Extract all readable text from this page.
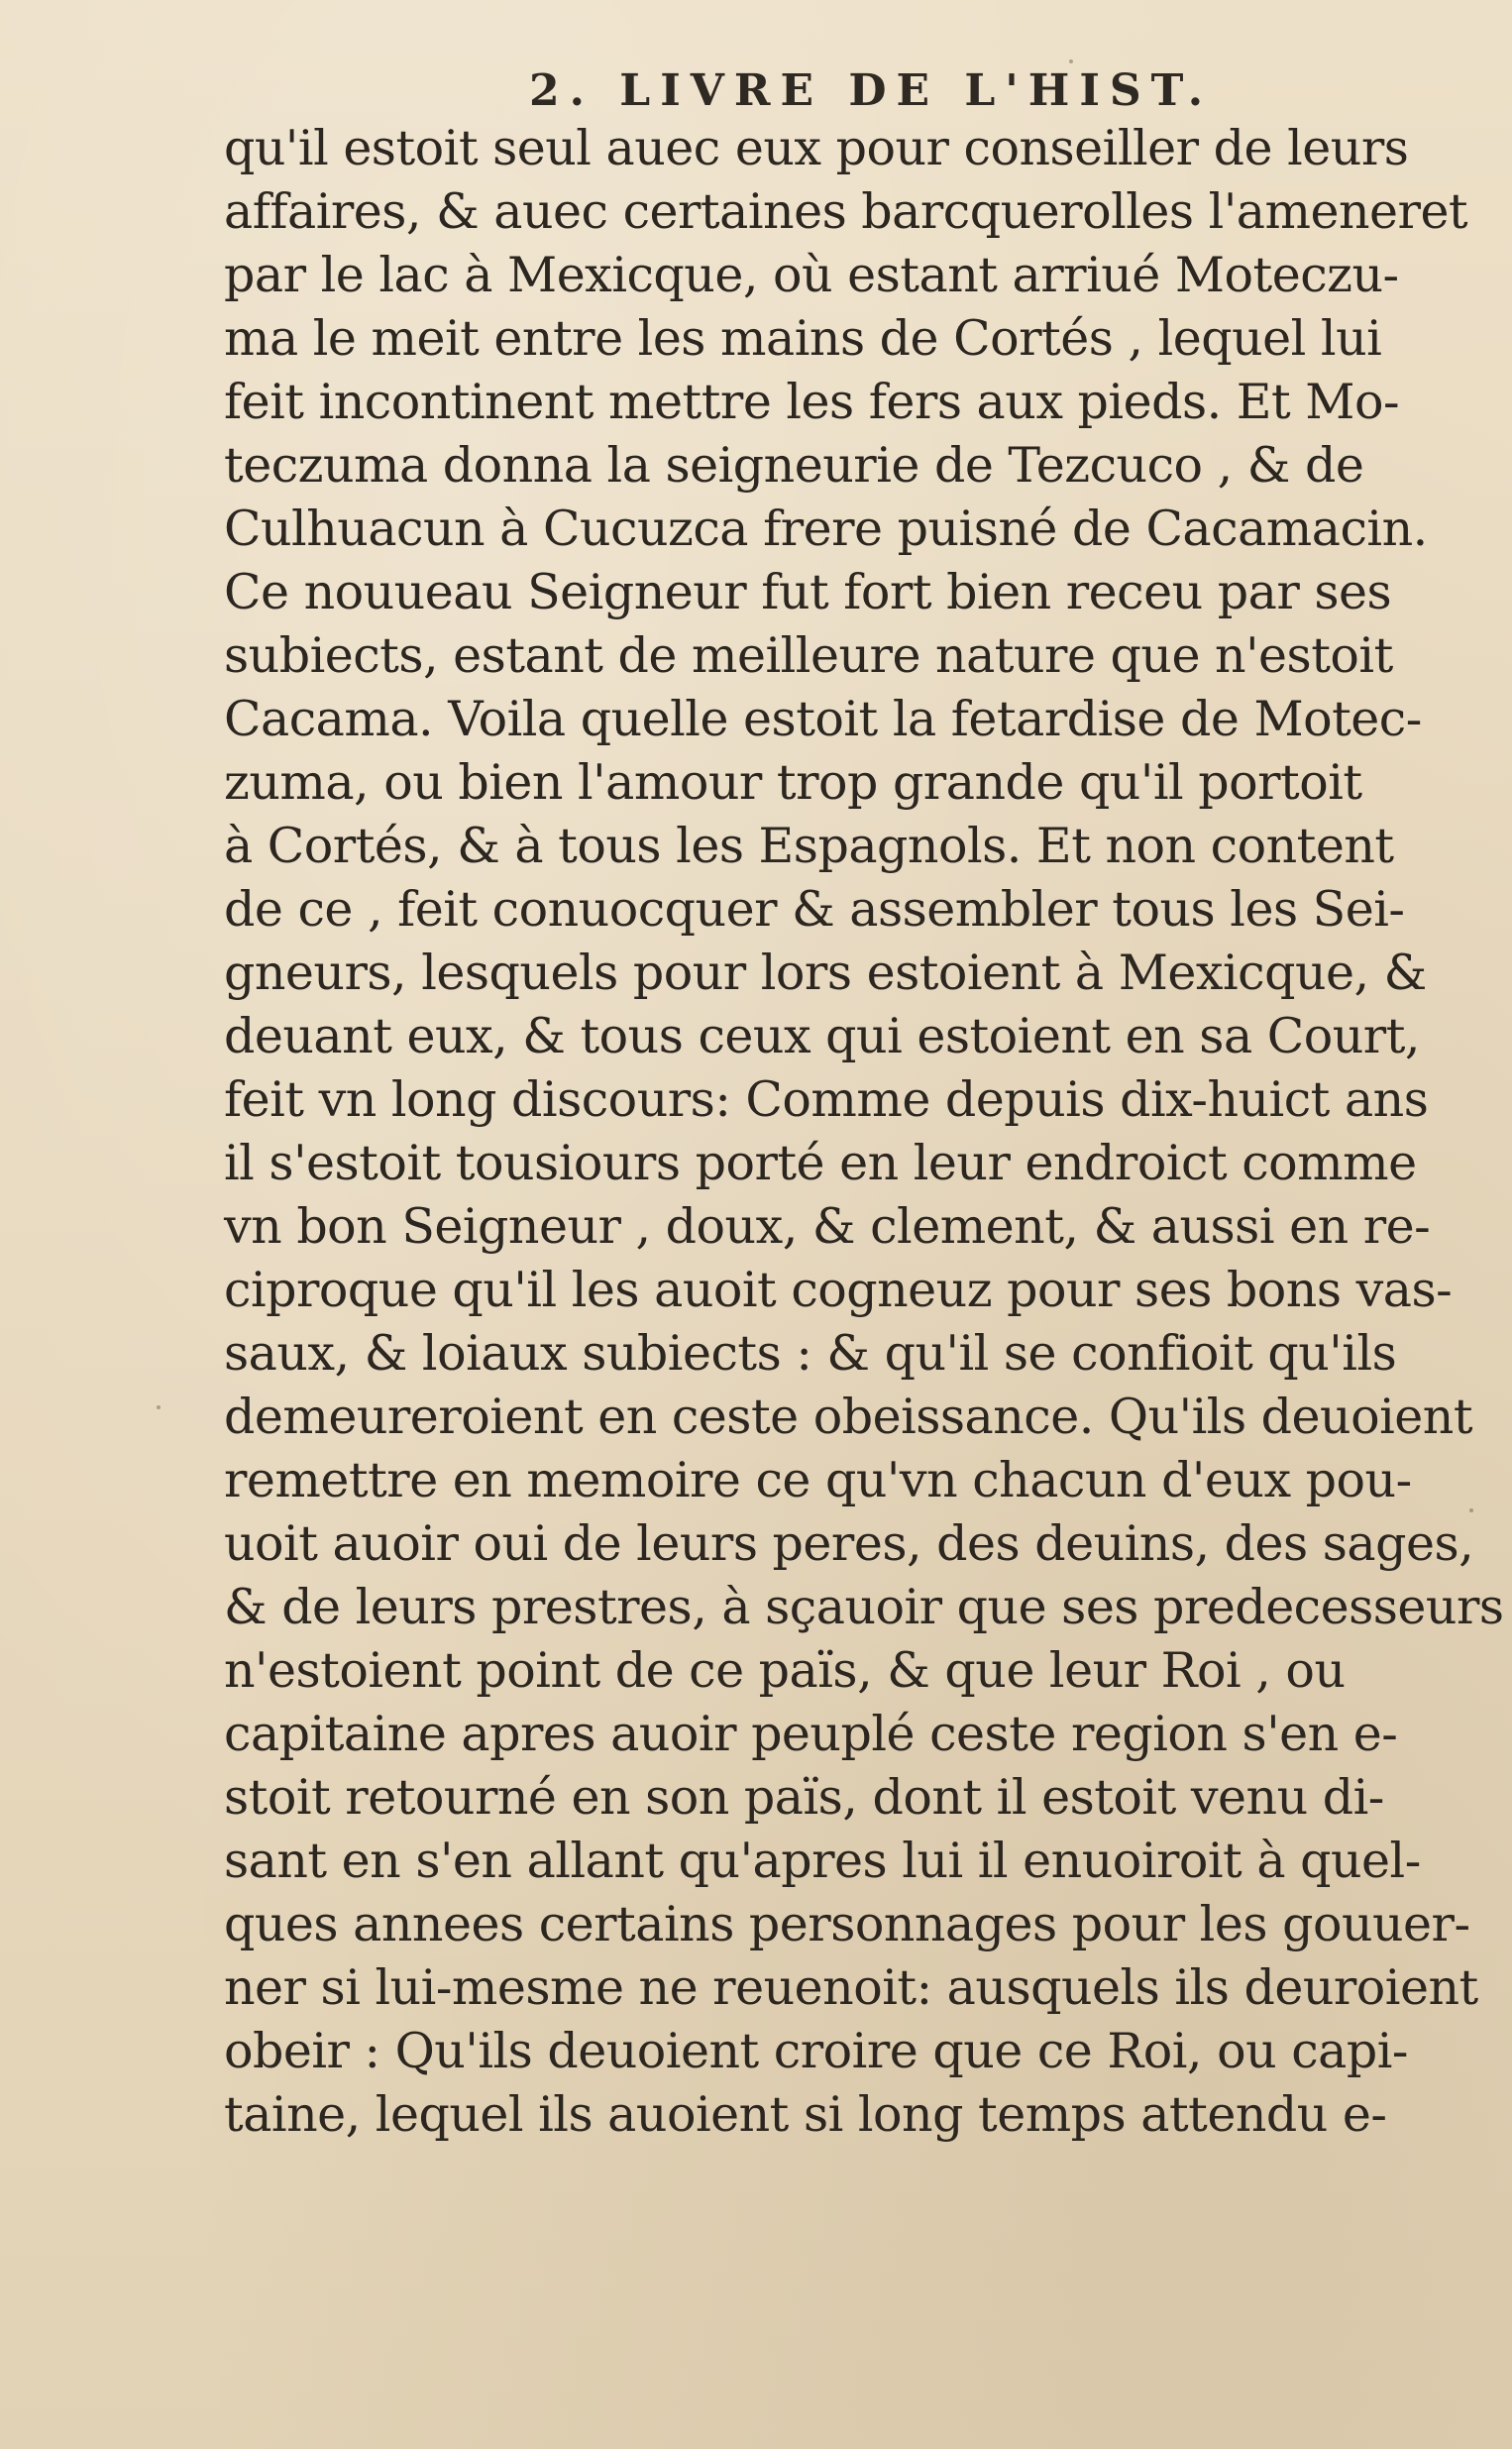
2. LIVRE DE L'HIST.
qu'il estoit seul auec eux pour conseiller de leurs
affaires, & auec certaines barcquerolles l'ameneret
par le lac à Mexicque, où estant arriué Moteczu-
ma le meit entre les mains de Cortés , lequel lui
feit incontinent mettre les fers aux pieds. Et Mo-
teczuma donna la seigneurie de Tezcuco , & de
Culhuacun à Cucuzca frere puisné de Cacamacin.
Ce nouueau Seigneur fut fort bien receu par ses
subiects, estant de meilleure nature que n'estoit
Cacama. Voila quelle estoit la fetardise de Motec-
zuma, ou bien l'amour trop grande qu'il portoit
à Cortés, & à tous les Espagnols. Et non content
de ce , feit conuocquer & assembler tous les Sei-
gneurs, lesquels pour lors estoient à Mexicque, &
deuant eux, & tous ceux qui estoient en sa Court,
feit vn long discours: Comme depuis dix-huict ans
il s'estoit tousiours porté en leur endroict comme
vn bon Seigneur , doux, & clement, & aussi en re-
ciproque qu'il les auoit cogneuz pour ses bons vas-
saux, & loiaux subiects : & qu'il se confioit qu'ils
demeureroient en ceste obeissance. Qu'ils deuoient
remettre en memoire ce qu'vn chacun d'eux pou-
uoit auoir oui de leurs peres, des deuins, des sages,
& de leurs prestres, à sçauoir que ses predecesseurs
n'estoient point de ce païs, & que leur Roi , ou
capitaine apres auoir peuplé ceste region s'en e-
stoit retourné en son païs, dont il estoit venu di-
sant en s'en allant qu'apres lui il enuoiroit à quel-
ques annees certains personnages pour les gouuer-
ner si lui-mesme ne reuenoit: ausquels ils deuroient
obeir : Qu'ils deuoient croire que ce Roi, ou capi-
taine, lequel ils auoient si long temps attendu e-
